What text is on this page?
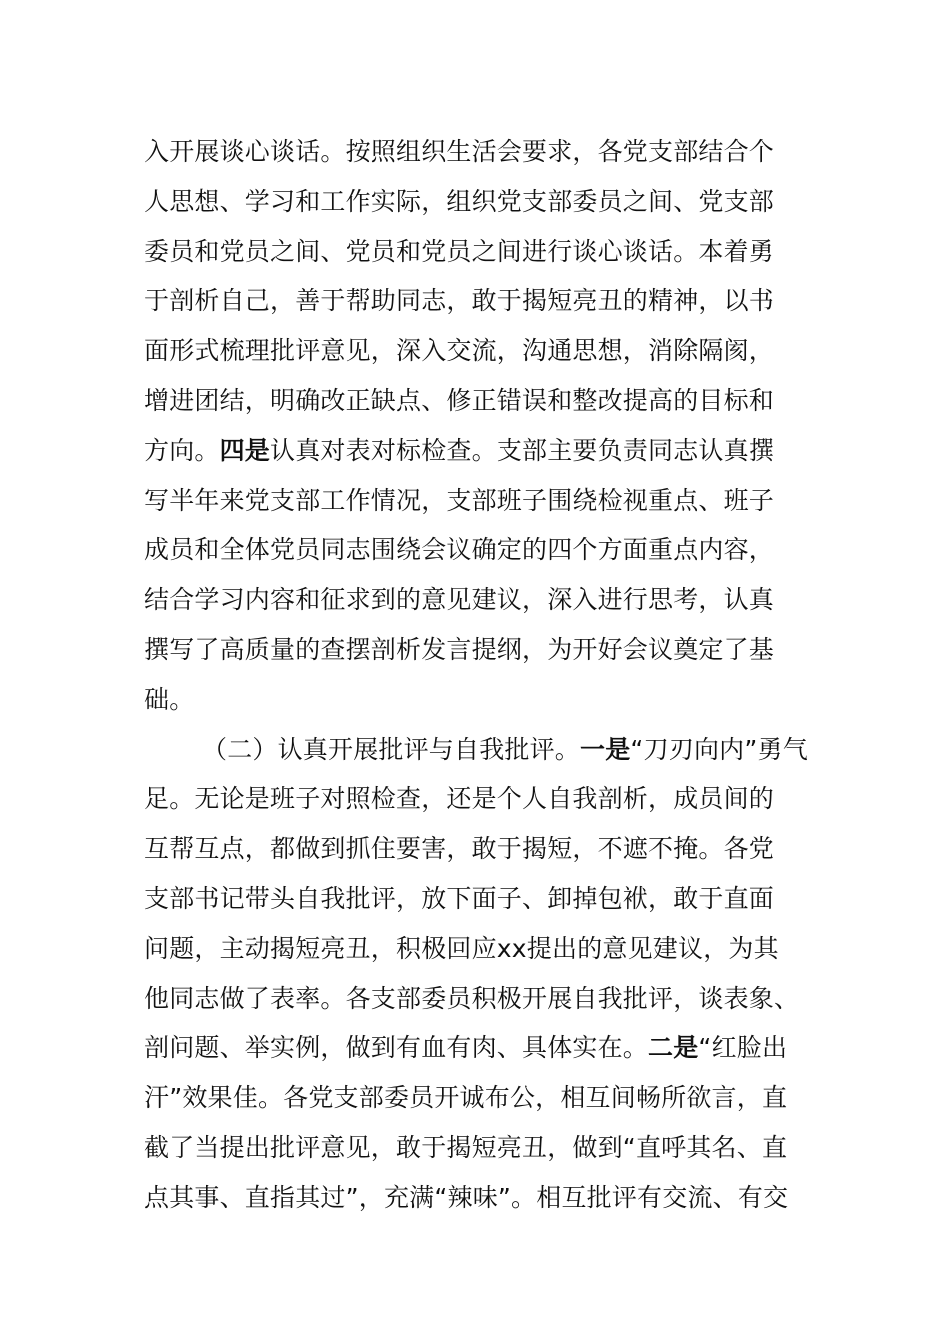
入开展谈心谈话。按照组织生活会要求，各党支部结合个
人思想、学习和工作实际，组织党支部委员之间、党支部
委员和党员之间、党员和党员之间进行谈心谈话。本着勇
于剖析自己，善于帮助同志，敢于揭短亮丑的精神，以书
面形式梳理批评意见，深入交流，沟通思想，消除隔阂，
增进团结，明确改正缺点、修正错误和整改提高的目标和
方向。四是认真对表对标检查。支部主要负责同志认真撰
写半年来党支部工作情况，支部班子围绕检视重点、班子
成员和全体党员同志围绕会议确定的四个方面重点内容，
结合学习内容和征求到的意见建议，深入进行思考，认真
撰写了高质量的查摆剖析发言提纲，为开好会议奠定了基
础。
（二）认真开展批评与自我批评。一是“刀刃向内”勇气
足。无论是班子对照检查，还是个人自我剖析，成员间的
互帮互点，都做到抓住要害，敢于揭短，不遮不掩。各党
支部书记带头自我批评，放下面子、卸掉包袱，敢于直面
问题，主动揭短亮丑，积极回应xx提出的意见建议，为其
他同志做了表率。各支部委员积极开展自我批评，谈表象、
剖问题、举实例，做到有血有肉、具体实在。二是“红脸出
汗”效果佳。各党支部委员开诚布公，相互间畅所欲言，直
截了当提出批评意见，敢于揭短亮丑，做到“直呼其名、直
点其事、直指其过”，充满“辣味”。相互批评有交流、有交
